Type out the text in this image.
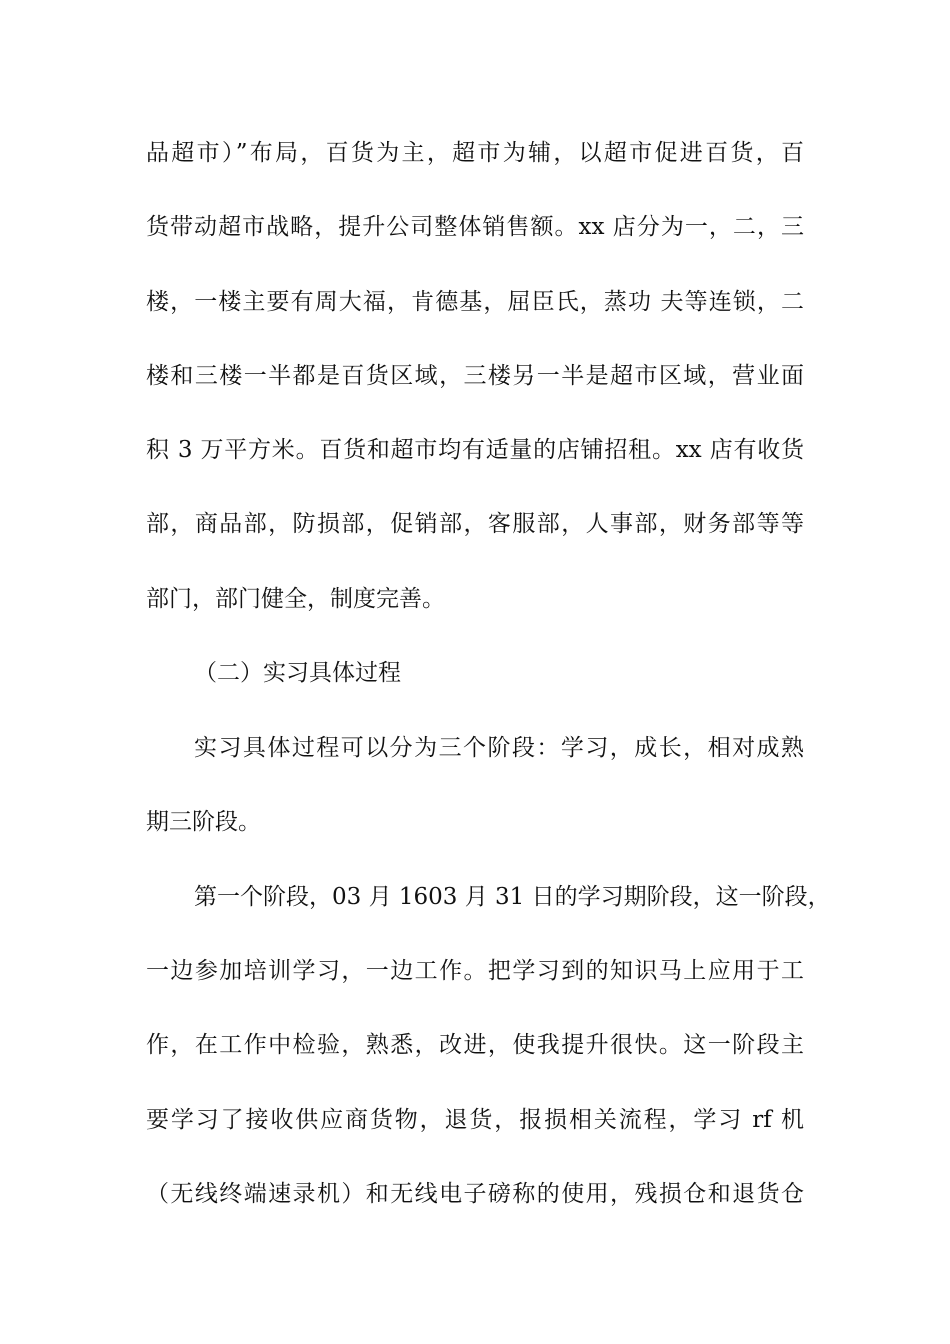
品超市）”布局，百货为主，超市为辅，以超市促进百货，百
货带动超市战略，提升公司整体销售额。xx 店分为一，二，三
楼，一楼主要有周大福，肯德基，屈臣氏，蒸功 夫等连锁，二
楼和三楼一半都是百货区域，三楼另一半是超市区域，营业面
积 3 万平方米。百货和超市均有适量的店铺招租。xx 店有收货
部，商品部，防损部，促销部，客服部，人事部，财务部等等
部门，部门健全，制度完善。
（二）实习具体过程
实习具体过程可以分为三个阶段：学习，成长，相对成熟
期三阶段。
第一个阶段，03 月 1603 月 31 日的学习期阶段，这一阶段，
一边参加培训学习，一边工作。把学习到的知识马上应用于工
作，在工作中检验，熟悉，改进，使我提升很快。这一阶段主
要学习了接收供应商货物，退货，报损相关流程，学习 rf 机
（无线终端速录机）和无线电子磅称的使用，残损仓和退货仓
